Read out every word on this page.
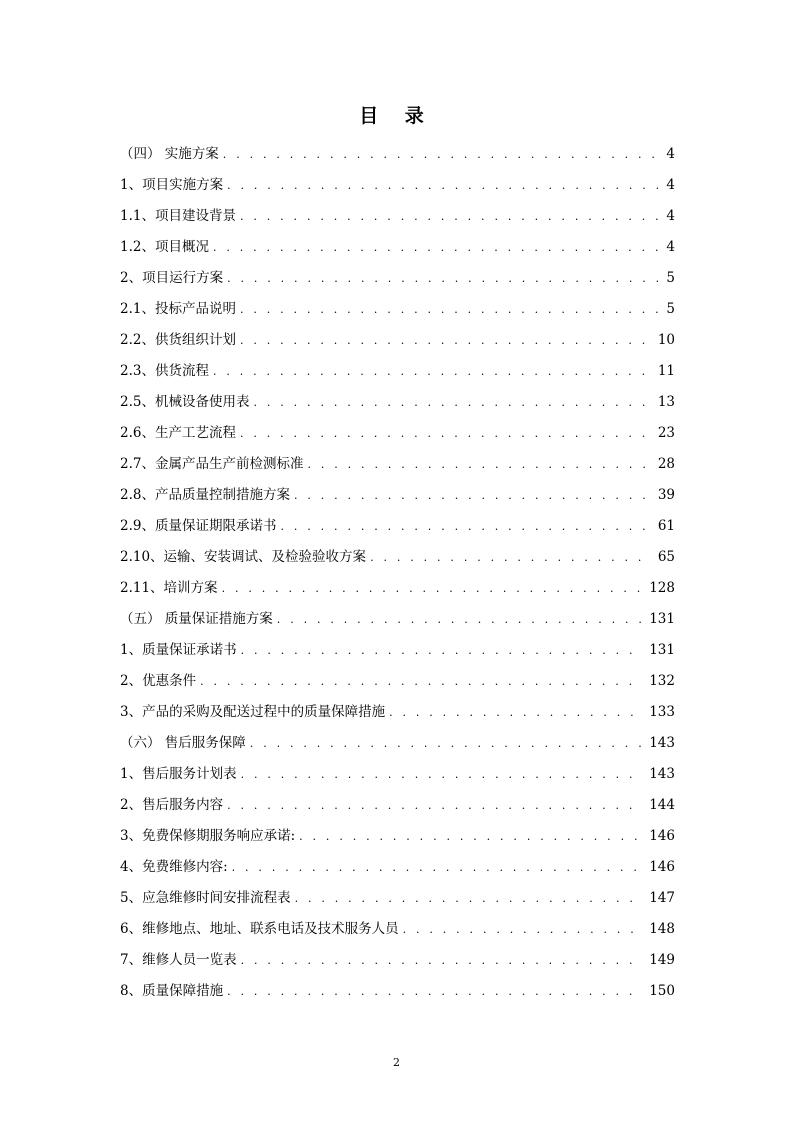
目 录
（四） 实施方案 . . .	4
1、项目实施方案 . . .	4
1.1、项目建设背景 . . .	4
1.2、项目概况 . . .	4
2、项目运行方案 . . .	5
2.1、投标产品说明 . . .	5
2.2、供货组织计划 . . .	10
2.3、供货流程 . . .	11
2.5、机械设备使用表 . . .	13
2.6、生产工艺流程 . . .	23
2.7、金属产品生产前检测标准 . . .	28
2.8、产品质量控制措施方案 . . .	39
2.9、质量保证期限承诺书 . . .	61
2.10、运输、安装调试、及检验验收方案 . . .	65
2.11、培训方案 . . .	128
（五） 质量保证措施方案 . . .	131
1、质量保证承诺书 . . .	131
2、优惠条件 . . .	132
3、产品的采购及配送过程中的质量保障措施 . . .	133
（六） 售后服务保障 . . .	143
1、售后服务计划表 . . .	143
2、售后服务内容 . . .	144
3、免费保修期服务响应承诺: . . .	146
4、免费维修内容: . . .	146
5、应急维修时间安排流程表 . . .	147
6、维修地点、地址、联系电话及技术服务人员 . . .	148
7、维修人员一览表 . . .	149
8、质量保障措施 . . .	150
2
